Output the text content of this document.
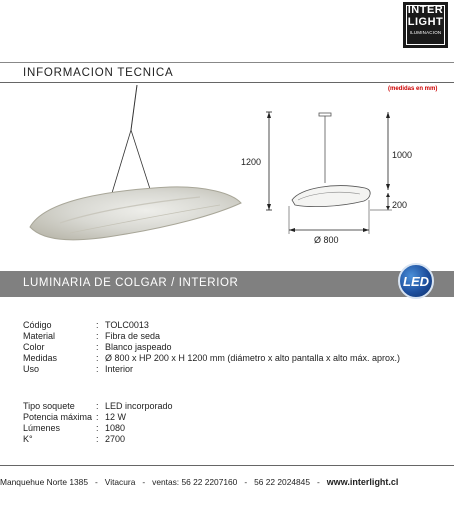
INTER
LIGHT
ILUMINACION
INFORMACION TECNICA
(medidas en mm)
1200
1000
200
Ø 800
LUMINARIA DE COLGAR / INTERIOR	LED
Código	: TOLC0013
Material	: Fibra de seda
Color	: Blanco jaspeado
Medidas	: Ø 800 x HP 200 x H 1200 mm (diámetro x alto pantalla x alto máx. aprox.)
Uso	: Interior
Tipo soquete : LED incorporado
Potencia máxima : 12 W
Lúmenes	: 1080
K°	: 2700
Manquehue Norte 1385 - Vitacura - ventas: 56 22 2207160 - 56 22 2024845 - www.interlight.cl
